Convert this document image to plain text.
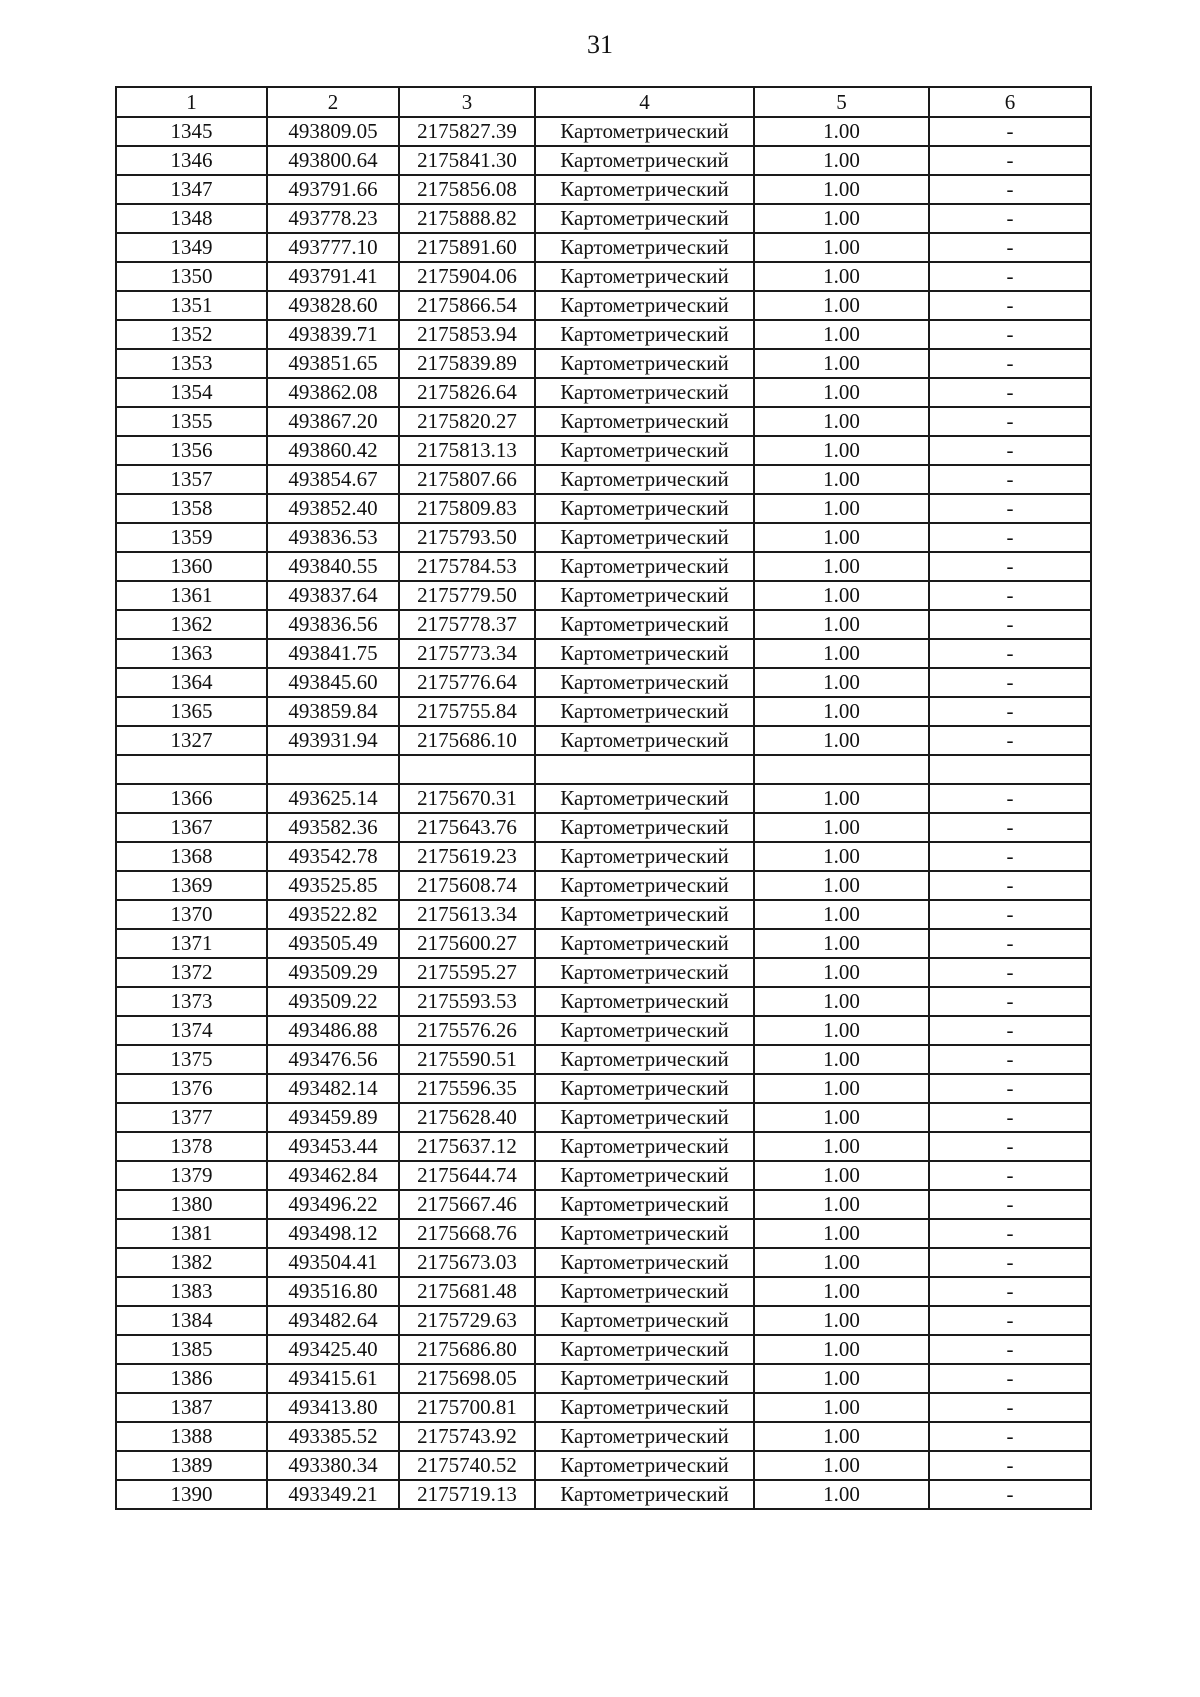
31
1	2	3	4	5	6
1345	493809.05	2175827.39	Картометрический	1.00	-
1346	493800.64	2175841.30	Картометрический	1.00	-
1347	493791.66	2175856.08	Картометрический	1.00	-
1348	493778.23	2175888.82	Картометрический	1.00	-
1349	493777.10	2175891.60	Картометрический	1.00	-
1350	493791.41	2175904.06	Картометрический	1.00	-
1351	493828.60	2175866.54	Картометрический	1.00	-
1352	493839.71	2175853.94	Картометрический	1.00	-
1353	493851.65	2175839.89	Картометрический	1.00	-
1354	493862.08	2175826.64	Картометрический	1.00	-
1355	493867.20	2175820.27	Картометрический	1.00	-
1356	493860.42	2175813.13	Картометрический	1.00	-
1357	493854.67	2175807.66	Картометрический	1.00	-
1358	493852.40	2175809.83	Картометрический	1.00	-
1359	493836.53	2175793.50	Картометрический	1.00	-
1360	493840.55	2175784.53	Картометрический	1.00	-
1361	493837.64	2175779.50	Картометрический	1.00	-
1362	493836.56	2175778.37	Картометрический	1.00	-
1363	493841.75	2175773.34	Картометрический	1.00	-
1364	493845.60	2175776.64	Картометрический	1.00	-
1365	493859.84	2175755.84	Картометрический	1.00	-
1327	493931.94	2175686.10	Картометрический	1.00	-

1366	493625.14	2175670.31	Картометрический	1.00	-
1367	493582.36	2175643.76	Картометрический	1.00	-
1368	493542.78	2175619.23	Картометрический	1.00	-
1369	493525.85	2175608.74	Картометрический	1.00	-
1370	493522.82	2175613.34	Картометрический	1.00	-
1371	493505.49	2175600.27	Картометрический	1.00	-
1372	493509.29	2175595.27	Картометрический	1.00	-
1373	493509.22	2175593.53	Картометрический	1.00	-
1374	493486.88	2175576.26	Картометрический	1.00	-
1375	493476.56	2175590.51	Картометрический	1.00	-
1376	493482.14	2175596.35	Картометрический	1.00	-
1377	493459.89	2175628.40	Картометрический	1.00	-
1378	493453.44	2175637.12	Картометрический	1.00	-
1379	493462.84	2175644.74	Картометрический	1.00	-
1380	493496.22	2175667.46	Картометрический	1.00	-
1381	493498.12	2175668.76	Картометрический	1.00	-
1382	493504.41	2175673.03	Картометрический	1.00	-
1383	493516.80	2175681.48	Картометрический	1.00	-
1384	493482.64	2175729.63	Картометрический	1.00	-
1385	493425.40	2175686.80	Картометрический	1.00	-
1386	493415.61	2175698.05	Картометрический	1.00	-
1387	493413.80	2175700.81	Картометрический	1.00	-
1388	493385.52	2175743.92	Картометрический	1.00	-
1389	493380.34	2175740.52	Картометрический	1.00	-
1390	493349.21	2175719.13	Картометрический	1.00	-
